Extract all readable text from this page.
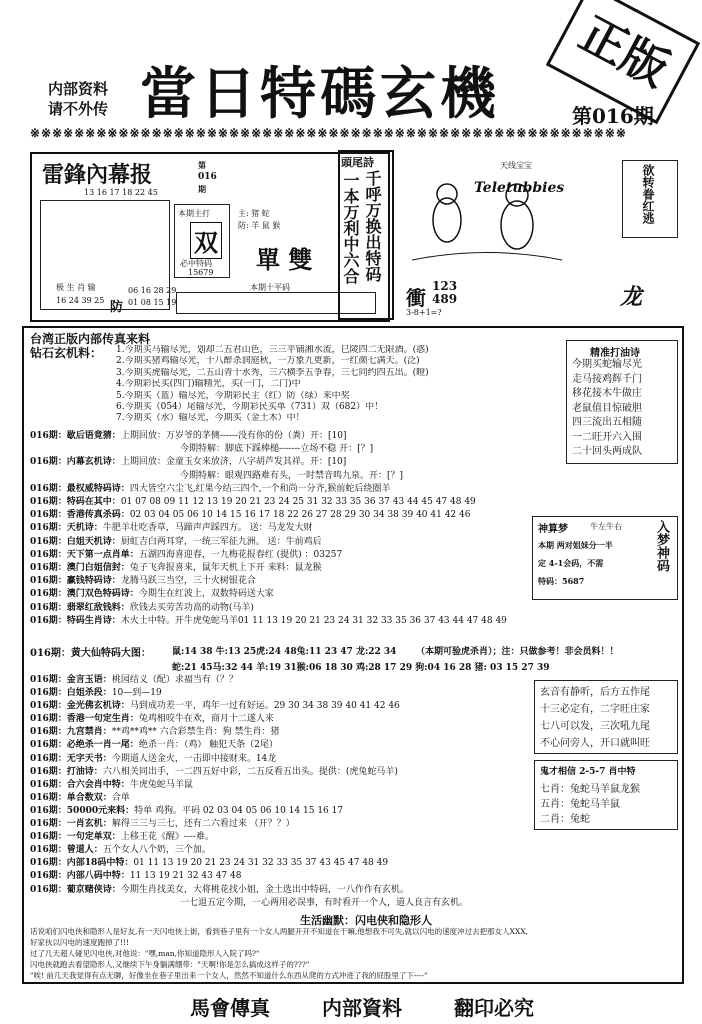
内部资料
请不外传 當日特碼玄機	第016期
正版
※※※※※※※※※※※※※※※※※※※※※※※※※※※※※※※※※※※※※※※※※※※※※※※※※※※※※※
雷鋒內幕报	第
016
期
13 16 17 18 22 45
极 生 肖 输
16 24 39 25 防
06 16 28 29
01 08 15 19
本期主打
双
必中特码
15679
主: 猪 蛇
防: 羊 鼠 猴
單 雙
本期十平码
頭尾詩
一本万利中六合 千呼万换出特码	Teletubbies
天线宝宝
衝 123
489
3-8+1=?
欲转眷红逃
龙
台湾正版内部传真来料
钻石玄机料： 1.今期买马输尽光，划却二五君山色，三三平铺湘水流，巳陵四二无限酒。(惑)
2.今期买猪鸡输尽光，十八醉杀润庭秋，一万象九更新，一红颜七满天。(泛)
3.今期买虎输尽光，二五山青十水秀，三六横李五争春，三七同约四五出。(瞪)
4.今期彩民买(四门)输精光，买(一门，二门)中
5.今期买（蓝）输尽光，今期彩民主（红）防（绿）来中奖
6.今期买（054）尾输尽光，今期彩民买单（731）双（682）中！
7.今期买（水）输尽光，今期买（金土木）中！
精准打油诗
今期买蛇输尽光
走马接鸡辉千门
移花接木牛做庄
老鼠值目惊破胆
四三流出五相随
一二旺开六入围
二十回头两成队
016期：歇后语竟猜：上期回放：万岁爷的茅侧------没有你的份（粪）开：[10]
今期特解：脚底下踩棒槌-------立场不稳 开：[？]
016期：内幕玄机诗：上期回放：金童玉女来放济，八字胡芦发其祥。开：[10]
今期特解：眼观四路难有头，一时禁音鸣九泉。开：[？]
016期：最权威特码诗：四大皆空六尘飞,红果今结三四个,一个和尚一分齐,猴前蛇后绕圈羊
016期：特码在其中：01 07 08 09 11 12 13 19 20 21 23 24 25 31 32 33 35 36 37 43 44 45 47 48 49
016期：香港传真杀码：02 03 04 05 06 10 14 15 16 17 18 22 26 27 28 29 30 34 38 39 40 41 42 46
016期：天机诗：牛肥羊壮吃香草，马蹄声声踩四方。 送：马龙发大财
016期：白姐天机诗：厨虹吉白两耳穿，一统三军征九洲。 送：牛前鸡后
016期：天下第一点肖单：五湖四海喜迎春，一九梅花报春红 (提供) ：03257
016期：澳门白姐信封：兔子飞奔报喜来，鼠年天机上下开 来料：鼠龙猴
016期：赢钱特码诗：龙腾马跃三当空，三十火树银花合
016期：澳门双色特码诗：今期生在红波上，双数特码送大家
016期：翡翠红敌钱料：欣钱去买劳苦功高的动物(马羊)
016期：特码生肖诗：木火土中特。开牛虎兔蛇马羊01 11 13 19 20 21 23 24 31 32 33 35 36 37 43 44 47 48 49
神算梦	牛左牛右
本期 两对姐妹分一半
定 4-1会码，不需
特码：5687
入梦神码
016期：黄大仙特码大图： 鼠:14 38 牛:13 25虎:24 48兔:11 23 47 龙:22 34 （本期可验虎杀肖）；注：只做参考！非会员料！！
蛇:21 45马:32 44 羊:19 31猴:06 18 30 鸡:28 17 29 狗:04 16 28 猪: 03 15 27 39
016期：金言玉语：桃园结义（配）求福当有（？？
016期：白姐杀段：10—到—19
016期：金光佛玄机诗：马到成功差一平，鸡年一过有好运。29 30 34 38 39 40 41 42 46
016期：香港一句定生肖：兔鸡相咬牛在欢，商月十二遂人来
016期：九宫禁肖：**鸡**鸡** 六合彩禁生肖：狗 禁生肖：猪
016期：必绝杀一肖一尾：绝杀一肖：（鸡） 触犯天条（2尾）
016期：无字天书：今期道人送金火，一击即中接财来。14龙
016期：打油诗：六八相关同出手，一二四五好中彩，二五反看五出头。提供：(虎兔蛇马羊)
016期：合六会肖中特：牛虎兔蛇马羊鼠
016期：单合数双：合单
016期：50000元来料：特单 鸡狗。平码 02 03 04 05 06 10 14 15 16 17
016期：一肖玄机：解得三三与三七，还有二六看过来 （开？？）
016期：一句定单双：上移王花《醒》----难。
016期：曾道人：五个女人八个奶，三个加。
016期：内部18码中特：01 11 13 19 20 21 23 24 31 32 33 35 37 43 45 47 48 49
016期：内部八码中特：11 13 19 21 32 43 47 48
016期：葡京赌侠诗：今期生肖找美女，大将桃花找小姐，金土选出中特码，一八作作有玄机。
一七退五定今期，一心两用必误事，有时看开一个人，道人良言有玄机。
玄音有静听，后方五作尾
十三必定有，二字旺庄家
七八可以发，三次吼九尾
不心问旁人，开口就叫旺
鬼才相信 2-5-7 肖中特
七肖：兔蛇马羊鼠龙猴
五肖：兔蛇马羊鼠
二肖：兔蛇
生活幽默：闪电侠和隐形人
话说咱们闪电侠和隐形人是好友,有一天闪电侠上街，看到巷子里有一个女人两腿开开不知道在干嘛,他想我不可失,就以闪电的速度冲过去把那女人XXX,
好家伙以闪电的速度跑掉了!!!
过了几天超人碰见闪电侠,对他说："嘿,man,你知道隐形人入院了吗?"
闪电侠就跑去看望隐形人,又继续下午身躺满绷带："天啊!你是怎么搞成这样子的???"
"唉! 前几天我觉得有点无聊，好像坐在巷子里出来一个女人，然然不知道什么东西从爬的方式冲进了我的屁股里了下----"
馬會傳真	内部資料	翻印必究
